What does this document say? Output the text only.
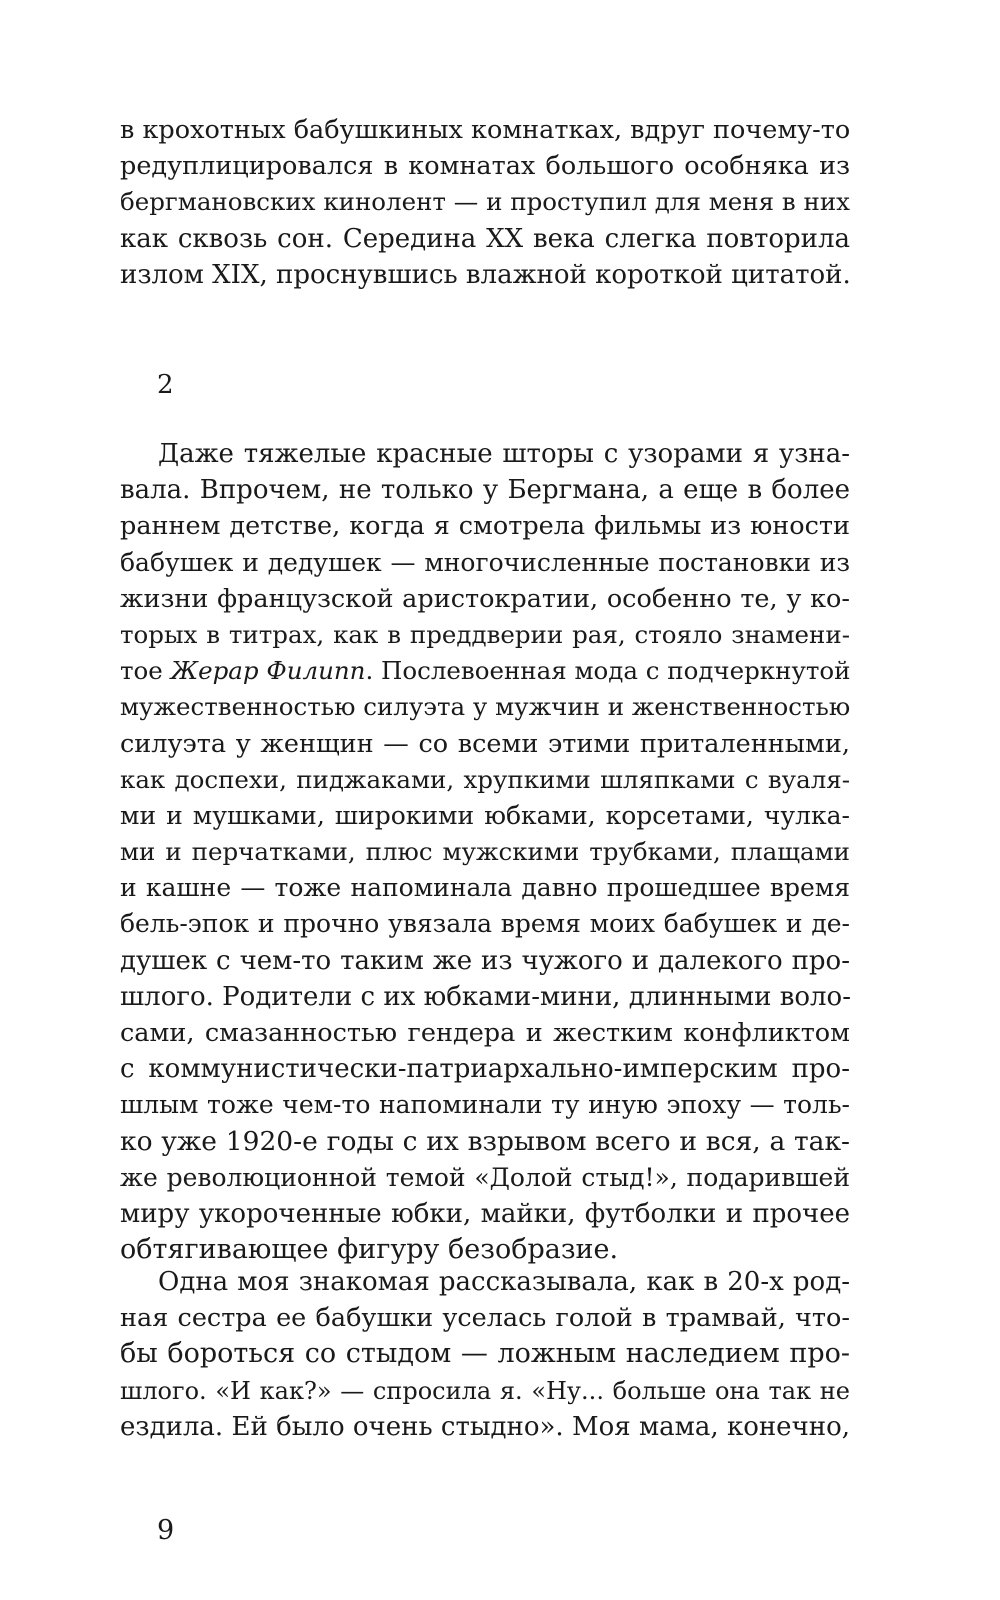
в крохотных бабушкиных комнатках, вдруг почему-то
редуплицировался в комнатах большого особняка из
бергмановских кинолент — и проступил для меня в них
как сквозь сон. Середина XX века слегка повторила
излом XIX, проснувшись влажной короткой цитатой.
2
Даже тяжелые красные шторы с узорами я узна-
вала. Впрочем, не только у Бергмана, а еще в более
раннем детстве, когда я смотрела фильмы из юности
бабушек и дедушек — многочисленные постановки из
жизни французской аристократии, особенно те, у ко-
торых в титрах, как в преддверии рая, стояло знамени-
тое Жерар Филипп. Послевоенная мода с подчеркнутой
мужественностью силуэта у мужчин и женственностью
силуэта у женщин — со всеми этими приталенными,
как доспехи, пиджаками, хрупкими шляпками с вуаля-
ми и мушками, широкими юбками, корсетами, чулка-
ми и перчатками, плюс мужскими трубками, плащами
и кашне — тоже напоминала давно прошедшее время
бель-эпок и прочно увязала время моих бабушек и де-
душек с чем-то таким же из чужого и далекого про-
шлого. Родители с их юбками-мини, длинными воло-
сами, смазанностью гендера и жестким конфликтом
с коммунистически-патриархально-имперским про-
шлым тоже чем-то напоминали ту иную эпоху — толь-
ко уже 1920-е годы с их взрывом всего и вся, а так-
же революционной темой «Долой стыд!», подарившей
миру укороченные юбки, майки, футболки и прочее
обтягивающее фигуру безобразие.
Одна моя знакомая рассказывала, как в 20-х род-
ная сестра ее бабушки уселась голой в трамвай, что-
бы бороться со стыдом — ложным наследием про-
шлого. «И как?» — спросила я. «Ну... больше она так не
ездила. Ей было очень стыдно». Моя мама, конечно,
9
